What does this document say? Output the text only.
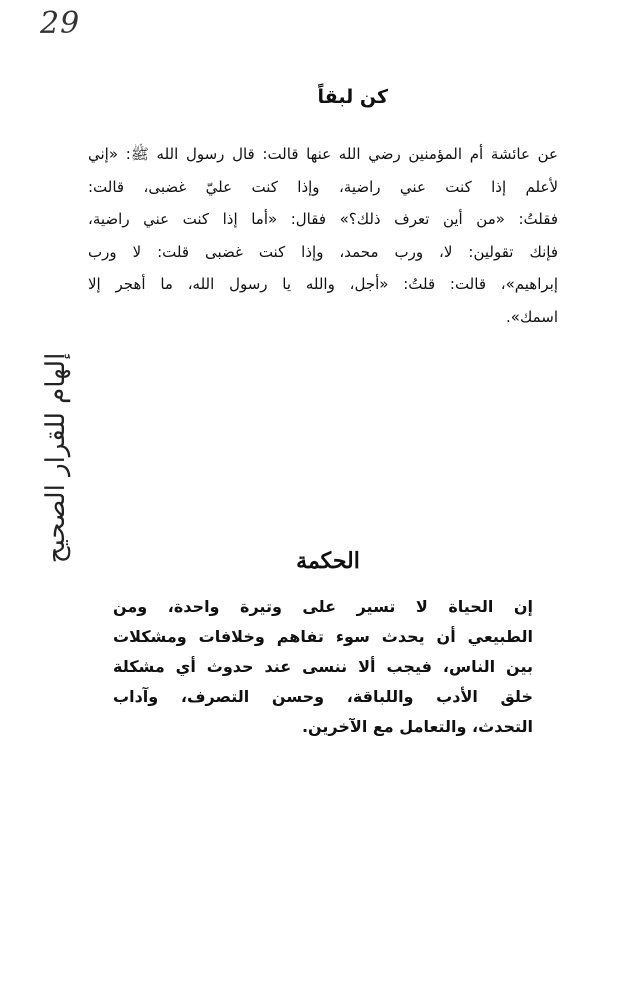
29
إلهام للقرار الصحيح
كن لبقاً
عن عائشة أم المؤمنين رضي الله عنها قالت: قال رسول الله ﷺ: «إني
لأعلم إذا كنت عني راضية، وإذا كنت عليّ غضبى، قالت:
فقلتُ: «من أين تعرف ذلك؟» فقال: «أما إذا كنت عني راضية،
فإنك تقولين: لا، ورب محمد، وإذا كنت غضبى قلت: لا ورب
إبراهيم»، قالت: قلتُ: «أجل، والله يا رسول الله، ما أهجر إلا
اسمك».
الحكمة
إن الحياة لا تسير على وتيرة واحدة، ومن
الطبيعي أن يحدث سوء تفاهم وخلافات ومشكلات
بين الناس، فيجب ألا ننسى عند حدوث أي مشكلة
خلق الأدب واللباقة، وحسن التصرف، وآداب
التحدث، والتعامل مع الآخرين.
